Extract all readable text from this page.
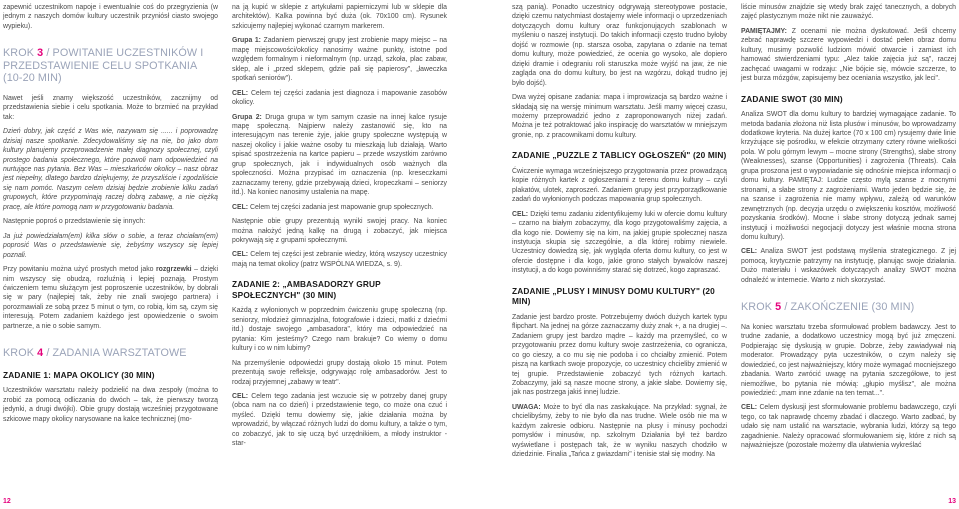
zapewnić uczestnikom napoje i ewentualnie coś do przegryzienia (w jednym z naszych domów kultury uczestnik przyniósł ciasto swojego wypieku).

KROK 3 / POWITANIE UCZESTNIKÓW I PRZEDSTAWIENIE CELU SPOTKANIA (10-20 MIN)

Nawet jeśli znamy większość uczestników, zacznijmy od przedstawienia siebie i celu spotkania. Może to brzmieć na przykład tak:

Dzień dobry, jak część z Was wie, nazywam się ...... i poprowadzę dzisiaj nasze spotkanie. Zdecydowaliśmy się na nie, bo jako dom kultury planujemy przeprowadzenie małej diagnozy społecznej, czyli prostego badania społecznego, które pozwoli nam odpowiedzieć na nurtujące nas pytania. Bez Was – mieszkańców okolicy – nasz obraz jest niepełny, dlatego bardzo dziękujemy, że przyszliście i zgodziliście się nam pomóc. Naszym celem dzisiaj będzie zrobienie kilku zadań grupowych, które przypominają raczej dobrą zabawę, a nie ciężką pracę, ale które pomogą nam w przygotowaniu badania.

Następnie poproś o przedstawienie się innych:

Ja już powiedziałam(em) kilka słów o sobie, a teraz chciałam(em) poprosić Was o przedstawienie się, żebyśmy wszyscy się lepiej poznali.

Przy powitaniu można użyć prostych metod jako rozgrzewki – dzięki nim wszyscy się obudzą, rozluźnią i lepiej poznają. Prostym ćwiczeniem temu służącym jest poproszenie uczestników, by dobrali się w pary (najlepiej tak, żeby nie znali swojego partnera) i porozmawiali ze sobą przez 5 minut o tym, co robią, kim są, czym się interesują. Potem zadaniem każdego jest opowiedzenie o swoim partnerze, a nie o sobie samym.

KROK 4 / ZADANIA WARSZTATOWE
ZADANIE 1: MAPA OKOLICY (30 MIN)

Uczestników warsztatu należy podzielić na dwa zespoły (można to zrobić za pomocą odliczania do dwóch – tak, że pierwszy tworzą jedynki, a drugi dwójki). Obie grupy dostają wcześniej przygotowane szkicowe mapy okolicy narysowane na kalce technicznej (mo-

na ją kupić w sklepie z artykułami papierniczymi lub w sklepie dla architektów). Kalka powinna być duża (ok. 70x100 cm). Rysunek szkicujemy najlepiej wykonać czarnym markerem.

Grupa 1: Zadaniem pierwszej grupy jest zrobienie mapy miejsc – na mapę miejscowości/okolicy nanosimy ważne punkty, istotne pod względem formalnym i nieformalnym (np. urząd, szkoła, plac zabaw, sklep, ale i „przed sklepem, gdzie pali się papierosy", „ławeczka spotkań seniorów").

CEL: Celem tej części zadania jest diagnoza i mapowanie zasobów okolicy.

Grupa 2: Druga grupa w tym samym czasie na innej kalce rysuje mapę społeczną. Najpierw należy zastanowić się, kto na interesującym nas terenie żyje, jakie grupy społeczne występują w naszej okolicy i jakie ważne osoby tu mieszkają lub działają. Warto spisać spostrzeżenia na kartce papieru – przede wszystkim zarówno grup społecznych, jak i indywidualnych osób ważnych dla społeczności. Można przypisać im oznaczenia (np. kreseczkami zaznaczamy tereny, gdzie przebywają dzieci, kropeczkami – seniorzy itd.). Na koniec nanosimy ustalenia na mapę.

CEL: Celem tej części zadania jest mapowanie grup społecznych.

Następnie obie grupy prezentują wyniki swojej pracy. Na koniec można nałożyć jedną kalkę na drugą i zobaczyć, jak miejsca pokrywają się z grupami społecznymi.

CEL: Celem tej części jest zebranie wiedzy, którą wszyscy uczestnicy mają na temat okolicy (patrz WSPÓLNA WIEDZA, s. 9).

ZADANIE 2: „AMBASADORZY GRUP SPOŁECZNYCH" (30 MIN)

Każdą z wyłonionych w poprzednim ćwiczeniu grupę społeczną (np. seniorzy, młodzież gimnazjalna, fotografowie i dzieci, matki z dziećmi itd.) dostaje swojego „ambasadora", który ma odpowiedzieć na pytania: Kim jesteśmy? Czego nam brakuje? Co wiemy o domu kultury i co w nim lubimy?

Na przemyślenie odpowiedzi grupy dostają około 15 minut. Potem prezentują swoje refleksje, odgrywając rolę ambasadorów. Jest to rodzaj przyjemnej „zabawy w teatr".

CEL: Celem tego zadania jest wczucie się w potrzeby danej grupy (obca nam na co dzień) i przedstawienie tego, co może ona czuć i myśleć. Dzięki temu dowiemy się, jakie działania można by wprowadzić, by włączać różnych ludzi do domu kultury, a także o tym, co zobaczyć, jak to się uczą być urzędnikiem, a młody instruktor - star-

szą panią). Ponadto uczestnicy odgrywają stereotypowe postacie, dzięki czemu natychmiast dostajemy wiele informacji o uprzedzeniach dotyczących domu kultury oraz funkcjonujących szablonach w myśleniu o naszej instytucji. Do takich informacji często trudno byłoby dojść w rozmowie (np. starsza osoba, zapytana o zdanie na temat domu kultury, może powiedzieć, że ocenia go wysoko, ale dopiero dzięki dramie i odegraniu roli staruszka może wyjść na jaw, że nie zagląda ona do domu kultury, bo jest na wzgórzu, dokąd trudno jej było dojść).

Dwa wyżej opisane zadania: mapa i improwizacja są bardzo ważne i składają się na wersję minimum warsztatu. Jeśli mamy więcej czasu, możemy przeprowadzić jedno z zaproponowanych niżej zadań. Można je też potraktować jako inspirację do warsztatów w mniejszym gronie, np. z pracownikami domu kultury.

ZADANIE „PUZZLE Z TABLICY OGŁOSZEŃ" (20 MIN)

Ćwiczenie wymaga wcześniejszego przygotowania przez prowadzącą kopie różnych kartek z ogłoszeniami z terenu domu kultury – czyli plakatów, ulotek, zaproszeń. Zadaniem grupy jest przyporządkowanie zadań do wyłonionych podczas mapowania grup społecznych.

CEL: Dzięki temu zadaniu zidentyfikujemy luki w ofercie domu kultury – czarno na białym zobaczymy, dla kogo przygotowaliśmy zajęcia, a dla kogo nie. Dowiemy się na kim, na jakiej grupie społecznej nasza instytucja skupia się szczególnie, a dla której robimy niewiele. Uczestnicy dowiedzą się, jak wygląda oferta domu kultury, co jest w ofercie dostępne i dla kogo, jakie grono stałych bywalców naszej instytucji, a do kogo powinniśmy starać się dotrzeć, kogo zapraszać.

ZADANIE „PLUSY I MINUSY DOMU KULTURY" (20 MIN)

Zadanie jest bardzo proste. Potrzebujemy dwóch dużych kartek typu flipchart. Na jednej na górze zaznaczamy duży znak +, a na drugiej –. Zadaniem grupy jest bardzo mądre – każdy ma przemyśleć, co w przygotowaniu przez domu kultury swoje zastrzeżenia, co ogranicza, co go cieszy, a co mu się nie podoba i co chciałby zmienić. Potem piszą na kartkach swoje propozycje, co uczestnicy chcieliby zmienić w tej grupie. Przedstawienie zobaczyć tych różnych kartach. Zobaczymy, jaki są nasze mocne strony, a jakie słabe. Dowiemy się, jak nas postrzega jakiś innej ludzie.

UWAGA: Może to być dla nas zaskakujące. Na przykład: sygnał, że chcielibyśmy, żeby to nie było dla nas trudne. Wiele osób nie ma w każdym zakresie odbioru. Następnie na plusy i minusy pochodzi pomysłów i minusów, np. szkolnym Działania był też bardzo wyświetlane i postępach tak, że w wyniku naszych chodziło w dziedzinie. Finalia „Tańca z gwiazdami" i tenisie stał się modny. Na

liście minusów znajdzie się wtedy brak zajęć tanecznych, a dobrych zajęć plastycznym może nikt nie zauważyć.

PAMIĘTAJMY: Z ocenami nie można dyskutować. Jeśli chcemy zebrać naprawdę szczere wypowiedzi i dostać pełen obraz domu kultury, musimy pozwolić ludziom mówić otwarcie i zamiast ich hamować stwierdzeniami typu: „Alez takie zajęcia już są", raczej zachęcać uwagami w rodzaju: „Nie bójcie się, mówcie szczerze, to jest burza mózgów, zapisujemy bez oceniania wszystko, jak leci".

ZADANIE SWOT (30 MIN)

Analiza SWOT dla domu kultury to bardziej wymagające zadanie. To metoda badania złożona niż lista plusów i minusów, bo wprowadzamy dodatkowe kryteria. Na dużej kartce (70 x 100 cm) rysujemy dwie linie krzyżujące się pośrodku, w efekcie otrzymany cztery równe wielkości pola. W polu górnym lewym – mocne strony (Strengths), słabe strony (Weaknesses), szanse (Opportunities) i zagrożenia (Threats). Cała grupa proszona jest o wypowiadanie się odnośnie miejsca informacji o domu kultury. PAMIĘTAJ: Ludzie często mylą szanse z mocnymi stronami, a słabe strony z zagrożeniami. Warto jeden będzie się, że na szanse i zagrożenia nie mamy wpływu, zależą od warunków zewnętrznych (np. decyzja urzędu o zwiększeniu kosztów, możliwość pozyskania środków). Mocne i słabe strony dotyczą jednak samej instytucji i możliwości negocjacji dotyczy jest właśnie mocna strona domu kultury).

CEL: Analiza SWOT jest podstawą myślenia strategicznego. Z jej pomocą, krytycznie patrzymy na instytucję, planując swoje działania. Dużo materiału i wskazówek dotyczących analizy SWOT można odnaleźć w internecie. Warto z nich skorzystać.

KROK 5 / ZAKOŃCZENIE (30 MIN)

Na koniec warsztatu trzeba sformułować problem badawczy. Jest to trudne zadanie, a dodatkowo uczestnicy mogą być już zmęczeni. Podpierając się dyskusją w grupie. Dobrze, żeby zawiadywał nią moderator. Prowadzący pyta uczestników, o czym należy się dowiedzieć, co jest najważniejszy, który może wymagać mocniejszego zbadania. Warto zwrócić uwagę na pytania szczegółowe, to jest niemożliwe, bo pytania nie mówią: „głupio myślisz", ale można powiedzieć: „mam inne zdanie na ten temat...".

CEL: Celem dyskusji jest sformułowanie problemu badawczego, czyli tego, co tak naprawdę chcemy zbadać i dlaczego. Warto zadbać, by udało się nam ustalić na warsztacie, wybrania ludzi, którzy są tego zagadnienie. Należy opracować sformułowaniem się, które z nich są najważniejsze (pozostałe możemy dla ułatwienia wykreślać

12	13
